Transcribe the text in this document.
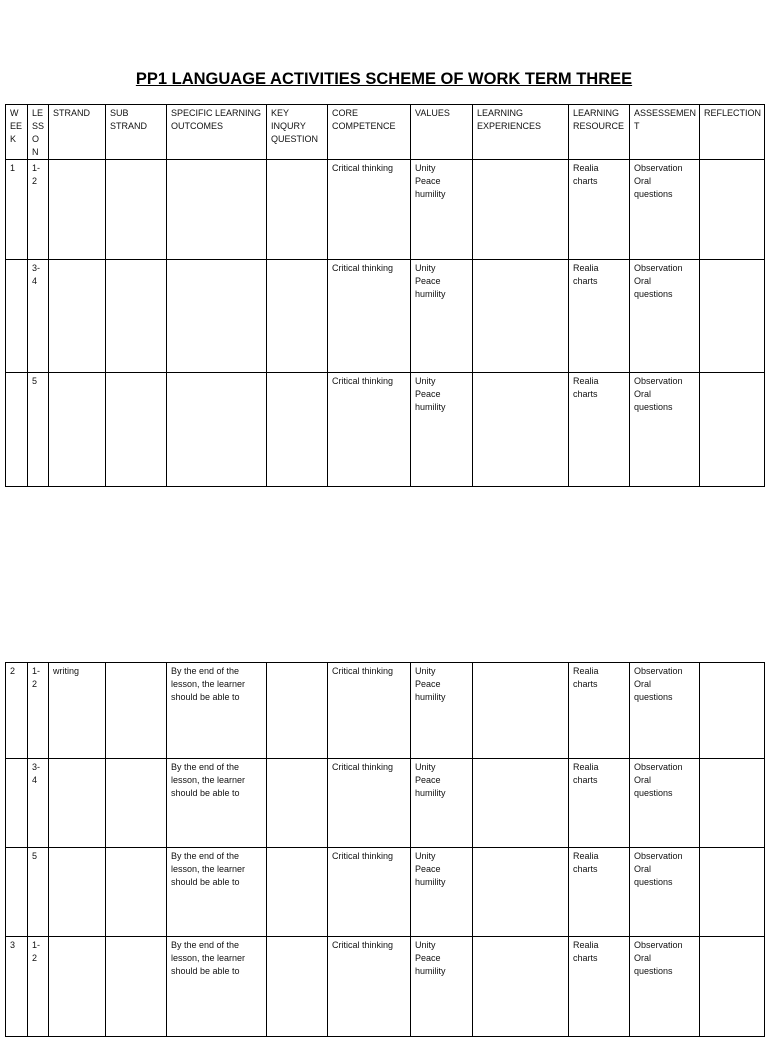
PP1 LANGUAGE ACTIVITIES SCHEME OF WORK TERM THREE
W
EE
K	LE
SS
O
N	STRAND	SUB
STRAND	SPECIFIC LEARNING
OUTCOMES	KEY
INQURY
QUESTION	CORE
COMPETENCE	VALUES	LEARNING
EXPERIENCES	LEARNING
RESOURCE	ASSESSEMEN
T	REFLECTION
1	1-
2					Critical thinking	Unity
Peace
humility		Realia
charts	Observation
Oral
questions	
	3-
4					Critical thinking	Unity
Peace
humility		Realia
charts	Observation
Oral
questions	
	5					Critical thinking	Unity
Peace
humility		Realia
charts	Observation
Oral
questions	
2	1-
2	writing		By the end of the
lesson, the learner
should be able to		Critical thinking	Unity
Peace
humility		Realia
charts	Observation
Oral
questions	
	3-
4			By the end of the
lesson, the learner
should be able to		Critical thinking	Unity
Peace
humility		Realia
charts	Observation
Oral
questions	
	5			By the end of the
lesson, the learner
should be able to		Critical thinking	Unity
Peace
humility		Realia
charts	Observation
Oral
questions	
3	1-
2			By the end of the
lesson, the learner
should be able to		Critical thinking	Unity
Peace
humility		Realia
charts	Observation
Oral
questions	
